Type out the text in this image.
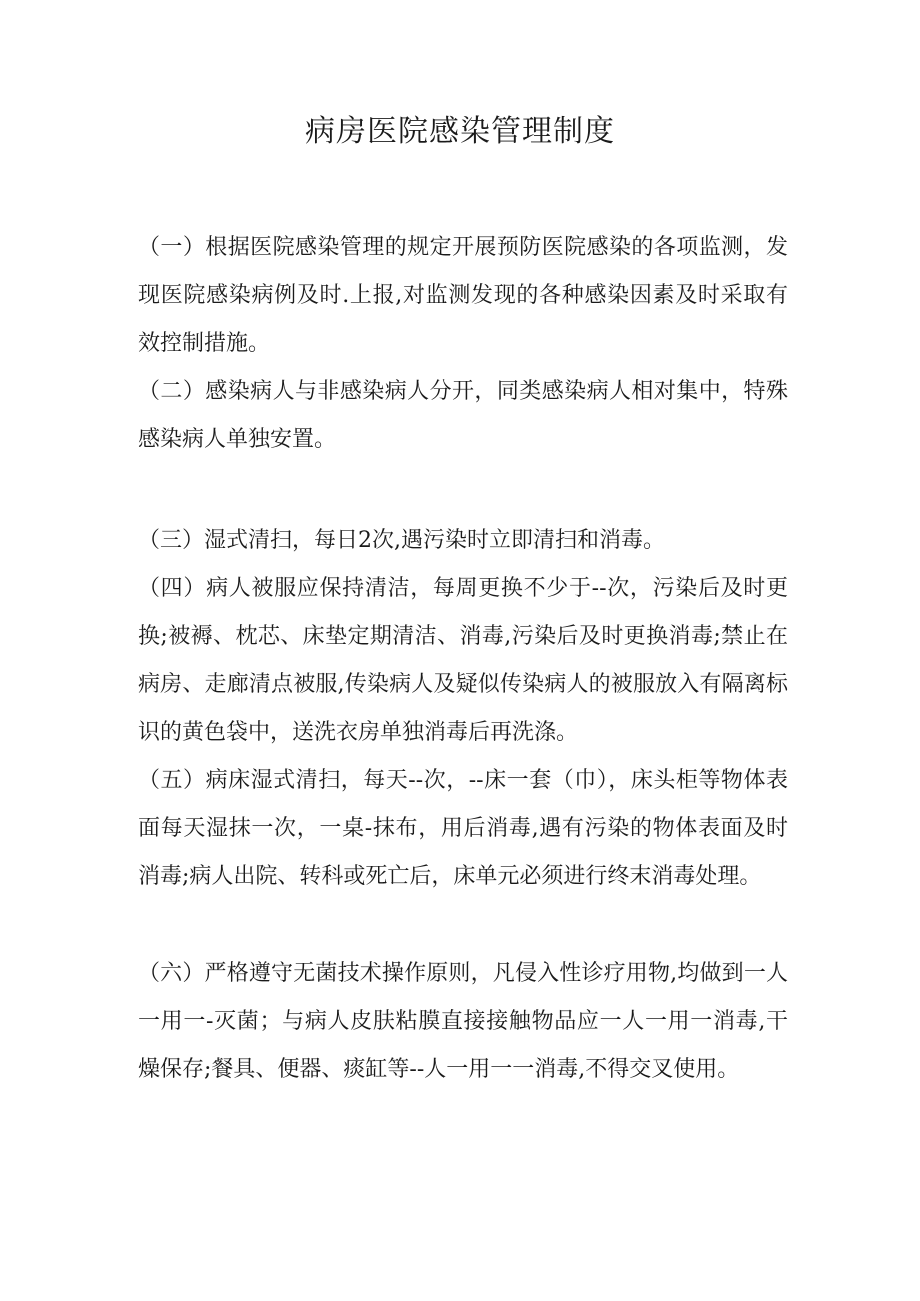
病房医院感染管理制度

（一）根据医院感染管理的规定开展预防医院感染的各项监测，发现医院感染病例及时.上报,对监测发现的各种感染因素及时采取有效控制措施。

（二）感染病人与非感染病人分开，同类感染病人相对集中，特殊感染病人单独安置。

（三）湿式清扫，每日2次,遇污染时立即清扫和消毒。

（四）病人被服应保持清洁，每周更换不少于--次，污染后及时更换;被褥、枕芯、床垫定期清洁、消毒,污染后及时更换消毒;禁止在病房、走廊清点被服,传染病人及疑似传染病人的被服放入有隔离标识的黄色袋中，送洗衣房单独消毒后再洗涤。

（五）病床湿式清扫，每天--次，--床一套（巾），床头柜等物体表面每天湿抹一次，一桌-抹布，用后消毒,遇有污染的物体表面及时消毒;病人出院、转科或死亡后，床单元必须进行终末消毒处理。

（六）严格遵守无菌技术操作原则，凡侵入性诊疗用物,均做到一人一用一-灭菌；与病人皮肤粘膜直接接触物品应一人一用一消毒,干燥保存;餐具、便器、痰缸等--人一用一一消毒,不得交叉使用。
